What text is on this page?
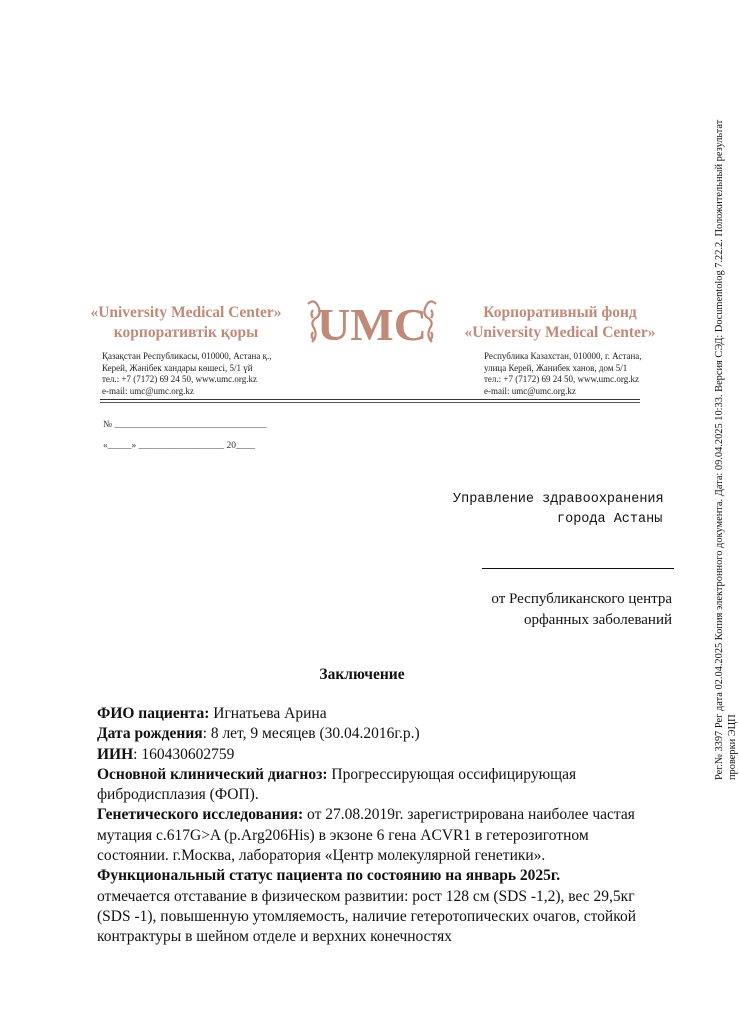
«University Medical Center»
корпоративтік қоры	UMC	Корпоративный фонд
«University Medical Center»
Қазақстан Республикасы, 010000, Астана қ.,
Керей, Жәнібек хандары көшесі, 5/1 үй
тел.: +7 (7172) 69 24 50, www.umc.org.kz
e-mail: umc@umc.org.kz
Республика Казахстан, 010000, г. Астана,
улица Керей, Жанибек ханов, дом 5/1
тел.: +7 (7172) 69 24 50, www.umc.org.kz
e-mail: umc@umc.org.kz
№ ________________________________
«_____» __________________ 20____
Управление здравоохранения
города Астаны
от Республиканского центра
орфанных заболеваний
Заключение

ФИО пациента: Игнатьева Арина

Дата рождения: 8 лет, 9 месяцев (30.04.2016г.р.)

ИИН: 160430602759

Основной клинический диагноз: Прогрессирующая оссифицирующая фибродисплазия (ФОП).

Генетического исследования: от 27.08.2019г. зарегистрирована наиболее частая мутация c.617G>A (p.Arg206His) в экзоне 6 гена ACVR1 в гетерозиготном состоянии. г.Москва, лаборатория «Центр молекулярной генетики».

Функциональный статус пациента по состоянию на январь 2025г.
отмечается отставание в физическом развитии: рост 128 см (SDS -1,2), вес 29,5кг (SDS -1), повышенную утомляемость, наличие гетеротопических очагов, стойкой контрактуры в шейном отделе и верхних конечностях

Рег.№ 3397 Рег дата 02.04.2025 Копия электронного документа. Дата: 09.04.2025 10:33. Версия СЭД: Documentolog 7.22.2. Положительный результат проверки ЭЦП
